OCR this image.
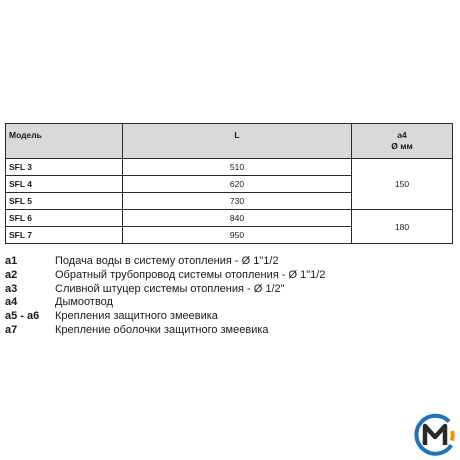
Модель	L	a4
Ø мм
SFL 3	510	150
SFL 4	620	
SFL 5	730	
SFL 6	840	180
SFL 7	950	
a1	Подача воды в систему отопления - Ø 1"1/2
a2	Обратный трубопровод системы отопления - Ø 1"1/2
a3	Сливной штуцер системы отопления - Ø 1/2"
a4	Дымоотвод
a5 - a6 Крепления защитного змеевика
a7	Крепление оболочки защитного змеевика
